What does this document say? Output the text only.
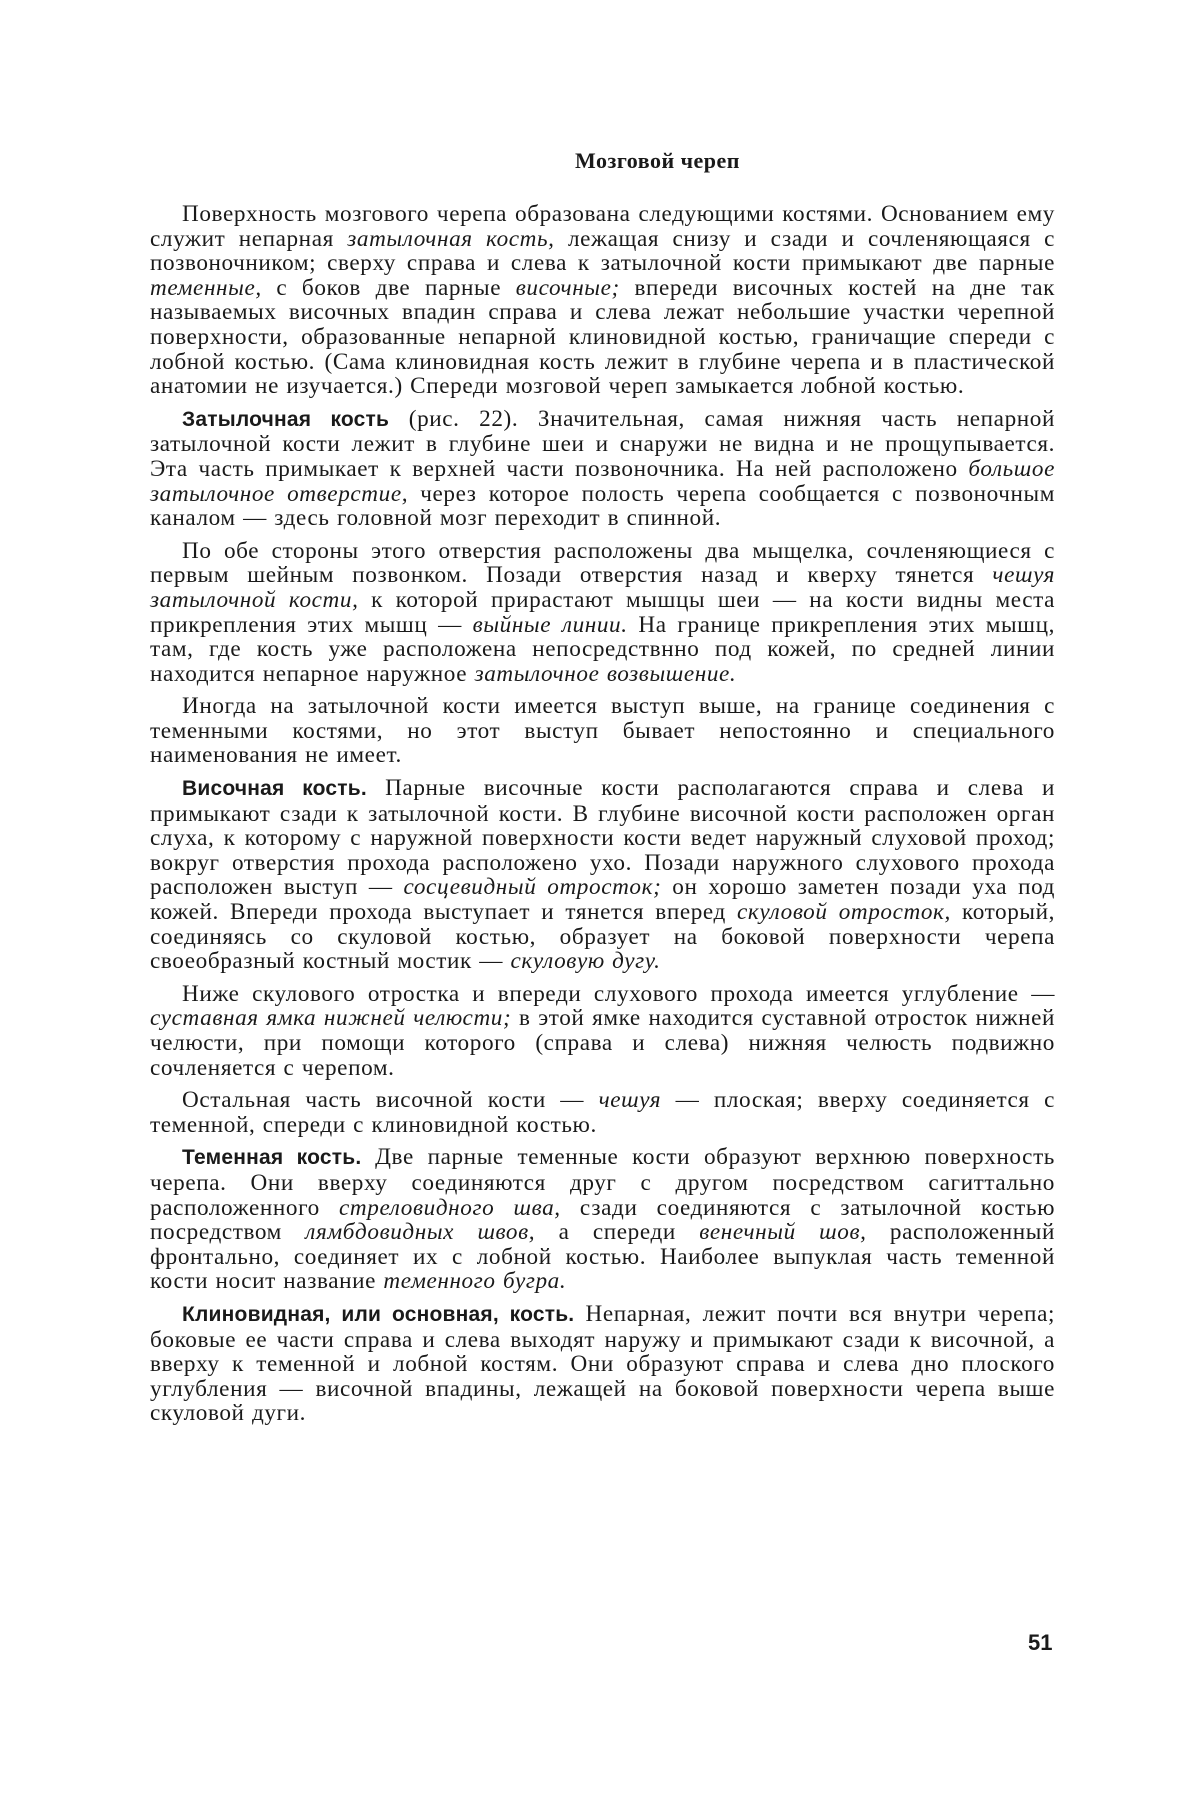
Мозговой череп

Поверхность мозгового черепа образована следующими костями. Основанием ему служит непарная затылочная кость, лежащая снизу и сзади и сочленяющаяся с позвоночником; сверху справа и слева к затылочной кости примыкают две парные теменные, с боков две парные височные; впереди височных костей на дне так называемых височных впадин справа и слева лежат небольшие участки черепной поверхности, образованные непарной клиновидной костью, граничащие спереди с лобной костью. (Сама клиновидная кость лежит в глубине черепа и в пластической анатомии не изучается.) Спереди мозговой череп замыкается лобной костью.

Затылочная кость (рис. 22). Значительная, самая нижняя часть непарной затылочной кости лежит в глубине шеи и снаружи не видна и не прощупывается. Эта часть примыкает к верхней части позвоночника. На ней расположено большое затылочное отверстие, через которое полость черепа сообщается с позвоночным каналом — здесь головной мозг переходит в спинной.

По обе стороны этого отверстия расположены два мыщелка, сочленяющиеся с первым шейным позвонком. Позади отверстия назад и кверху тянется чешуя затылочной кости, к которой прирастают мышцы шеи — на кости видны места прикрепления этих мышц — выйные линии. На границе прикрепления этих мышц, там, где кость уже расположена непосредствнно под кожей, по средней линии находится непарное наружное затылочное возвышение.

Иногда на затылочной кости имеется выступ выше, на границе соединения с теменными костями, но этот выступ бывает непостоянно и специального наименования не имеет.

Височная кость. Парные височные кости располагаются справа и слева и примыкают сзади к затылочной кости. В глубине височной кости расположен орган слуха, к которому с наружной поверхности кости ведет наружный слуховой проход; вокруг отверстия прохода расположено ухо. Позади наружного слухового прохода расположен выступ — сосцевидный отросток; он хорошо заметен позади уха под кожей. Впереди прохода выступает и тянется вперед скуловой отросток, который, соединяясь со скуловой костью, образует на боковой поверхности черепа своеобразный костный мостик — скуловую дугу.

Ниже скулового отростка и впереди слухового прохода имеется углубление — суставная ямка нижней челюсти; в этой ямке находится суставной отросток нижней челюсти, при помощи которого (справа и слева) нижняя челюсть подвижно сочленяется с черепом.

Остальная часть височной кости — чешуя — плоская; вверху соединяется с теменной, спереди с клиновидной костью.

Теменная кость. Две парные теменные кости образуют верхнюю поверхность черепа. Они вверху соединяются друг с другом посредством сагиттально расположенного стреловидного шва, сзади соединяются с затылочной костью посредством лямбдовидных швов, а спереди венечный шов, расположенный фронтально, соединяет их с лобной костью. Наиболее выпуклая часть теменной кости носит название теменного бугра.

Клиновидная, или основная, кость. Непарная, лежит почти вся внутри черепа; боковые ее части справа и слева выходят наружу и примыкают сзади к височной, а вверху к теменной и лобной костям. Они образуют справа и слева дно плоского углубления — височной впадины, лежащей на боковой поверхности черепа выше скуловой дуги.

51
